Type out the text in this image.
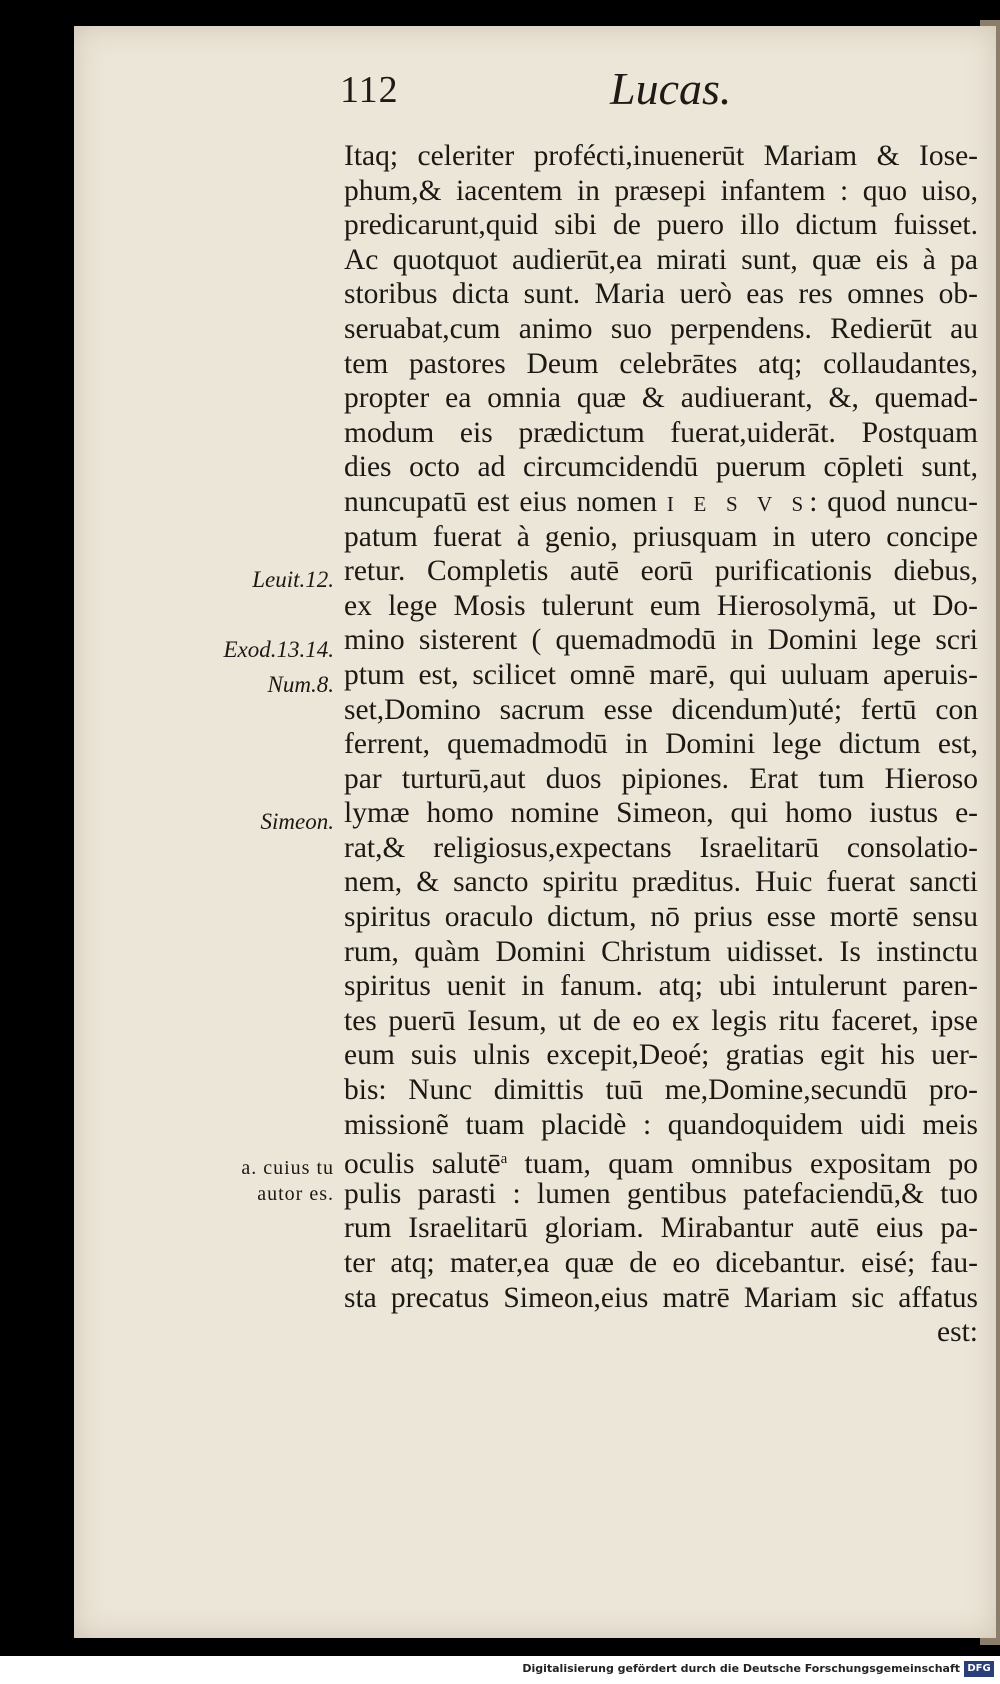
112	Lucas.
Itaq; celeriter profécti,inuenerūt Mariam & Iose-
phum,& iacentem in præsepi infantem : quo uiso,
predicarunt,quid sibi de puero illo dictum fuisset.
Ac quotquot audierūt,ea mirati sunt, quæ eis à pa
storibus dicta sunt. Maria uerò eas res omnes ob-
seruabat,cum animo suo perpendens. Redierūt au
tem pastores Deum celebrātes atq; collaudantes,
propter ea omnia quæ & audiuerant, &, quemad-
modum eis prædictum fuerat,uiderāt. Postquam
dies octo ad circumcidendū puerum cōpleti sunt,
nuncupatū est eius nomen I E S V S: quod nuncu-
patum fuerat à genio, priusquam in utero concipe
retur. Completis autē eorū purificationis diebus,
ex lege Mosis tulerunt eum Hierosolymā, ut Do-
mino sisterent ( quemadmodū in Domini lege scri
ptum est, scilicet omnē marē, qui uuluam aperuis-
set,Domino sacrum esse dicendum)uté; fertū con
ferrent, quemadmodū in Domini lege dictum est,
par turturū,aut duos pipiones. Erat tum Hieroso
lymæ homo nomine Simeon, qui homo iustus e-
rat,& religiosus,expectans Israelitarū consolatio-
nem, & sancto spiritu præditus. Huic fuerat sancti
spiritus oraculo dictum, nō prius esse mortē sensu
rum, quàm Domini Christum uidisset. Is instinctu
spiritus uenit in fanum. atq; ubi intulerunt paren-
tes puerū Iesum, ut de eo ex legis ritu faceret, ipse
eum suis ulnis excepit,Deoé; gratias egit his uer-
bis: Nunc dimittis tuū me,Domine,secundū pro-
missionẽ tuam placidè : quandoquidem uidi meis
oculis salutē$^a$ tuam, quam omnibus expositam po
pulis parasti : lumen gentibus patefaciendū,& tuo
rum Israelitarū gloriam. Mirabantur autē eius pa-
ter atq; mater,ea quæ de eo dicebantur. eisé; fau-
sta precatus Simeon,eius matrē Mariam sic affatus
est:
Leuit.12.
Exod.13.14.
Num.8.
Simeon.
a. cuius tu
autor es.
Digitalisierung gefördert durch die Deutsche Forschungsgemeinschaft DFG
